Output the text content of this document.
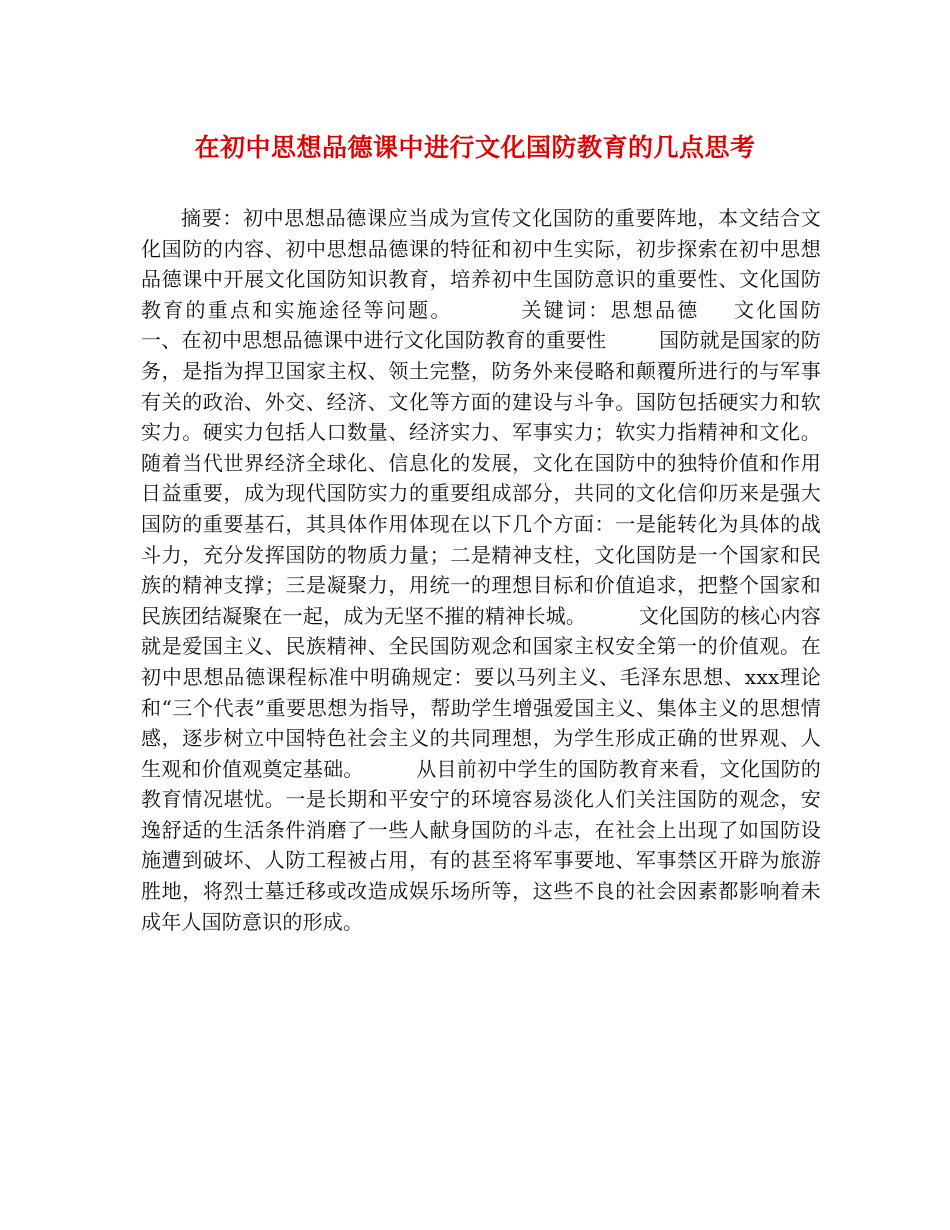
在初中思想品德课中进行文化国防教育的几点思考
摘要：初中思想品德课应当成为宣传文化国防的重要阵地，本文结合文化国防的内容、初中思想品德课的特征和初中生实际，初步探索在初中思想品德课中开展文化国防知识教育，培养初中生国防意识的重要性、文化国防教育的重点和实施途径等问题。        关键词：思想品德    文化国防            一、在初中思想品德课中进行文化国防教育的重要性        国防就是国家的防务，是指为捍卫国家主权、领土完整，防务外来侵略和颠覆所进行的与军事有关的政治、外交、经济、文化等方面的建设与斗争。国防包括硬实力和软实力。硬实力包括人口数量、经济实力、军事实力；软实力指精神和文化。随着当代世界经济全球化、信息化的发展，文化在国防中的独特价值和作用日益重要，成为现代国防实力的重要组成部分，共同的文化信仰历来是强大国防的重要基石，其具体作用体现在以下几个方面：一是能转化为具体的战斗力，充分发挥国防的物质力量；二是精神支柱，文化国防是一个国家和民族的精神支撑；三是凝聚力，用统一的理想目标和价值追求，把整个国家和民族团结凝聚在一起，成为无坚不摧的精神长城。        文化国防的核心内容就是爱国主义、民族精神、全民国防观念和国家主权安全第一的价值观。在初中思想品德课程标准中明确规定：要以马列主义、毛泽东思想、xxx理论和“三个代表”重要思想为指导，帮助学生增强爱国主义、集体主义的思想情感，逐步树立中国特色社会主义的共同理想，为学生形成正确的世界观、人生观和价值观奠定基础。        从目前初中学生的国防教育来看，文化国防的教育情况堪忧。一是长期和平安宁的环境容易淡化人们关注国防的观念，安逸舒适的生活条件消磨了一些人献身国防的斗志，在社会上出现了如国防设施遭到破坏、人防工程被占用，有的甚至将军事要地、军事禁区开辟为旅游胜地，将烈士墓迁移或改造成娱乐场所等，这些不良的社会因素都影响着未成年人国防意识的形成。
